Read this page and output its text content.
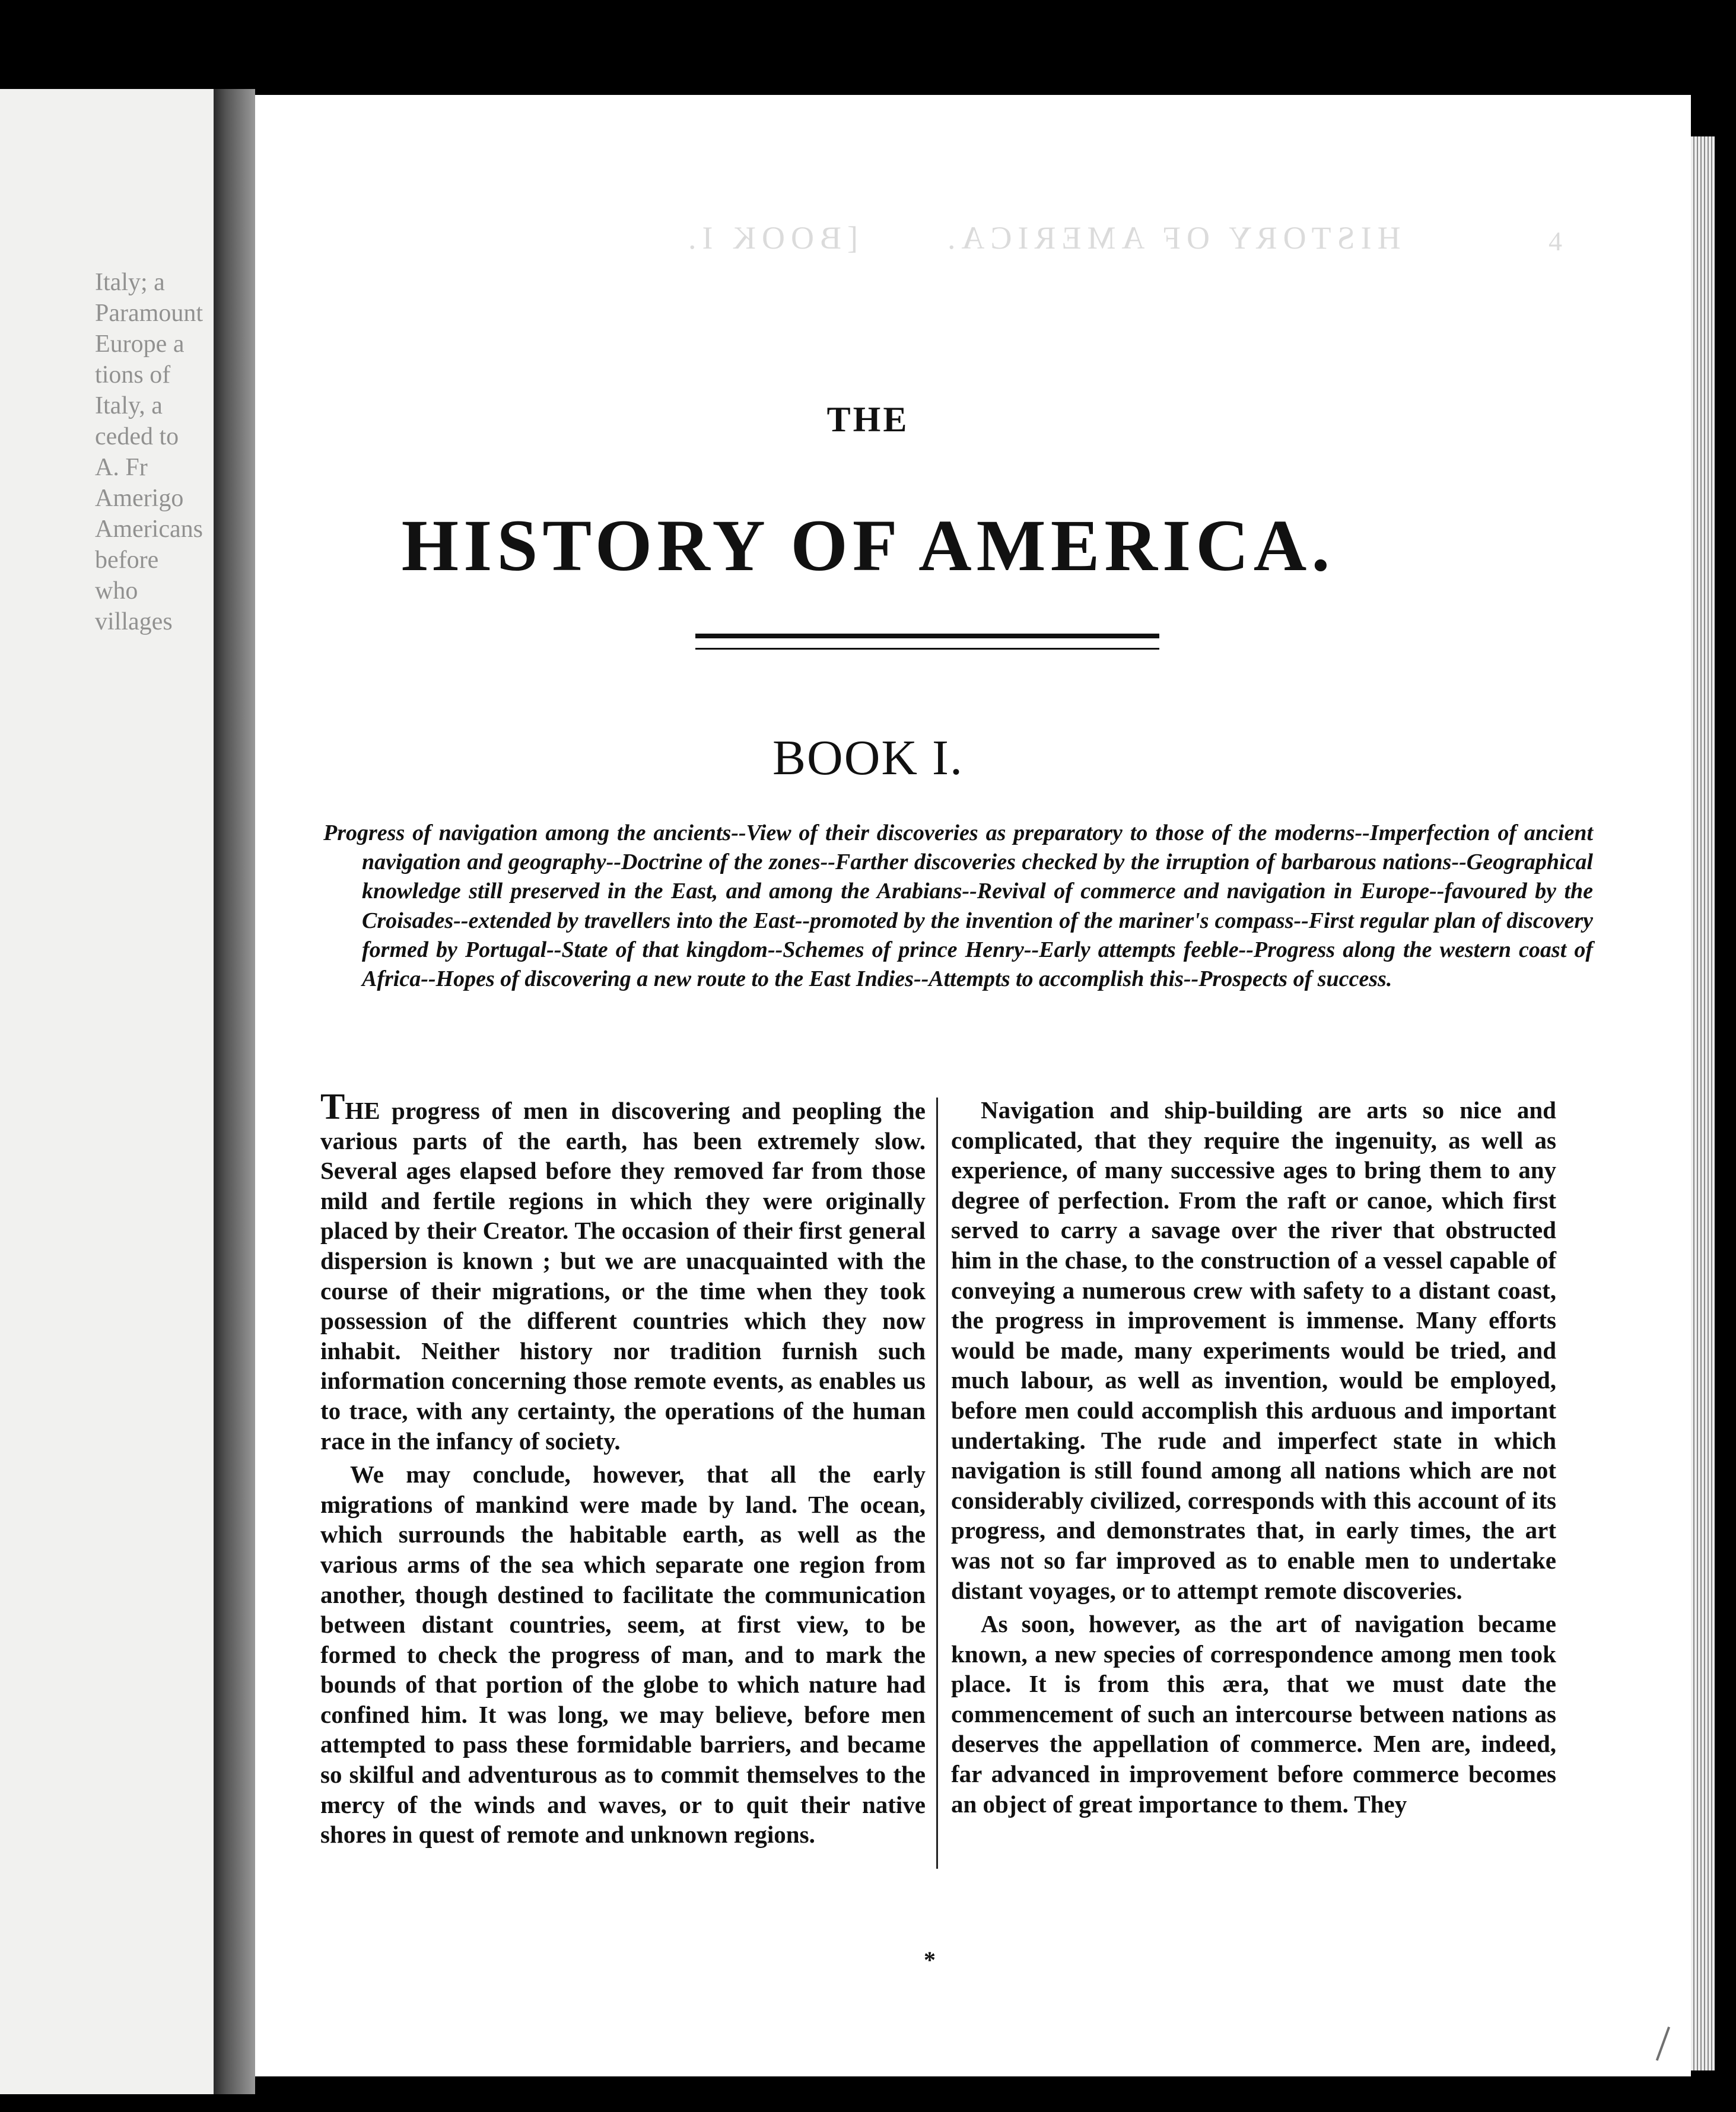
Italy; a
Paramount
Europe a
tions of
Italy, a
ceded to
A. Fr
Amerigo
Americans
before
who
villages
HISTORY OF AMERICA.      [BOOK I.	4
THE
HISTORY OF AMERICA.
BOOK I.
Progress of navigation among the ancients--View of their discoveries as preparatory to those of the moderns--Imperfection of ancient navigation and geography--Doctrine of the zones--Farther discoveries checked by the irruption of barbarous nations--Geographical knowledge still preserved in the East, and among the Arabians--Revival of commerce and navigation in Europe--favoured by the Croisades--extended by travellers into the East--promoted by the invention of the mariner's compass--First regular plan of discovery formed by Portugal--State of that kingdom--Schemes of prince Henry--Early attempts feeble--Progress along the western coast of Africa--Hopes of discovering a new route to the East Indies--Attempts to accomplish this--Prospects of success.

THE progress of men in discovering and peopling the various parts of the earth, has been extremely slow. Several ages elapsed before they removed far from those mild and fertile regions in which they were originally placed by their Creator. The occasion of their first general dispersion is known ; but we are unacquainted with the course of their migrations, or the time when they took possession of the different countries which they now inhabit. Neither history nor tradition furnish such information concerning those remote events, as enables us to trace, with any certainty, the operations of the human race in the infancy of society.

We may conclude, however, that all the early migrations of mankind were made by land. The ocean, which surrounds the habitable earth, as well as the various arms of the sea which separate one region from another, though destined to facilitate the communication between distant countries, seem, at first view, to be formed to check the progress of man, and to mark the bounds of that portion of the globe to which nature had confined him. It was long, we may believe, before men attempted to pass these formidable barriers, and became so skilful and adventurous as to commit themselves to the mercy of the winds and waves, or to quit their native shores in quest of remote and unknown regions.

Navigation and ship-building are arts so nice and complicated, that they require the ingenuity, as well as experience, of many successive ages to bring them to any degree of perfection. From the raft or canoe, which first served to carry a savage over the river that obstructed him in the chase, to the construction of a vessel capable of conveying a numerous crew with safety to a distant coast, the progress in improvement is immense. Many efforts would be made, many experiments would be tried, and much labour, as well as invention, would be employed, before men could accomplish this arduous and important undertaking. The rude and imperfect state in which navigation is still found among all nations which are not considerably civilized, corresponds with this account of its progress, and demonstrates that, in early times, the art was not so far improved as to enable men to undertake distant voyages, or to attempt remote discoveries.

As soon, however, as the art of navigation became known, a new species of correspondence among men took place. It is from this æra, that we must date the commencement of such an intercourse between nations as deserves the appellation of commerce. Men are, indeed, far advanced in improvement before commerce becomes an object of great importance to them. They

*
